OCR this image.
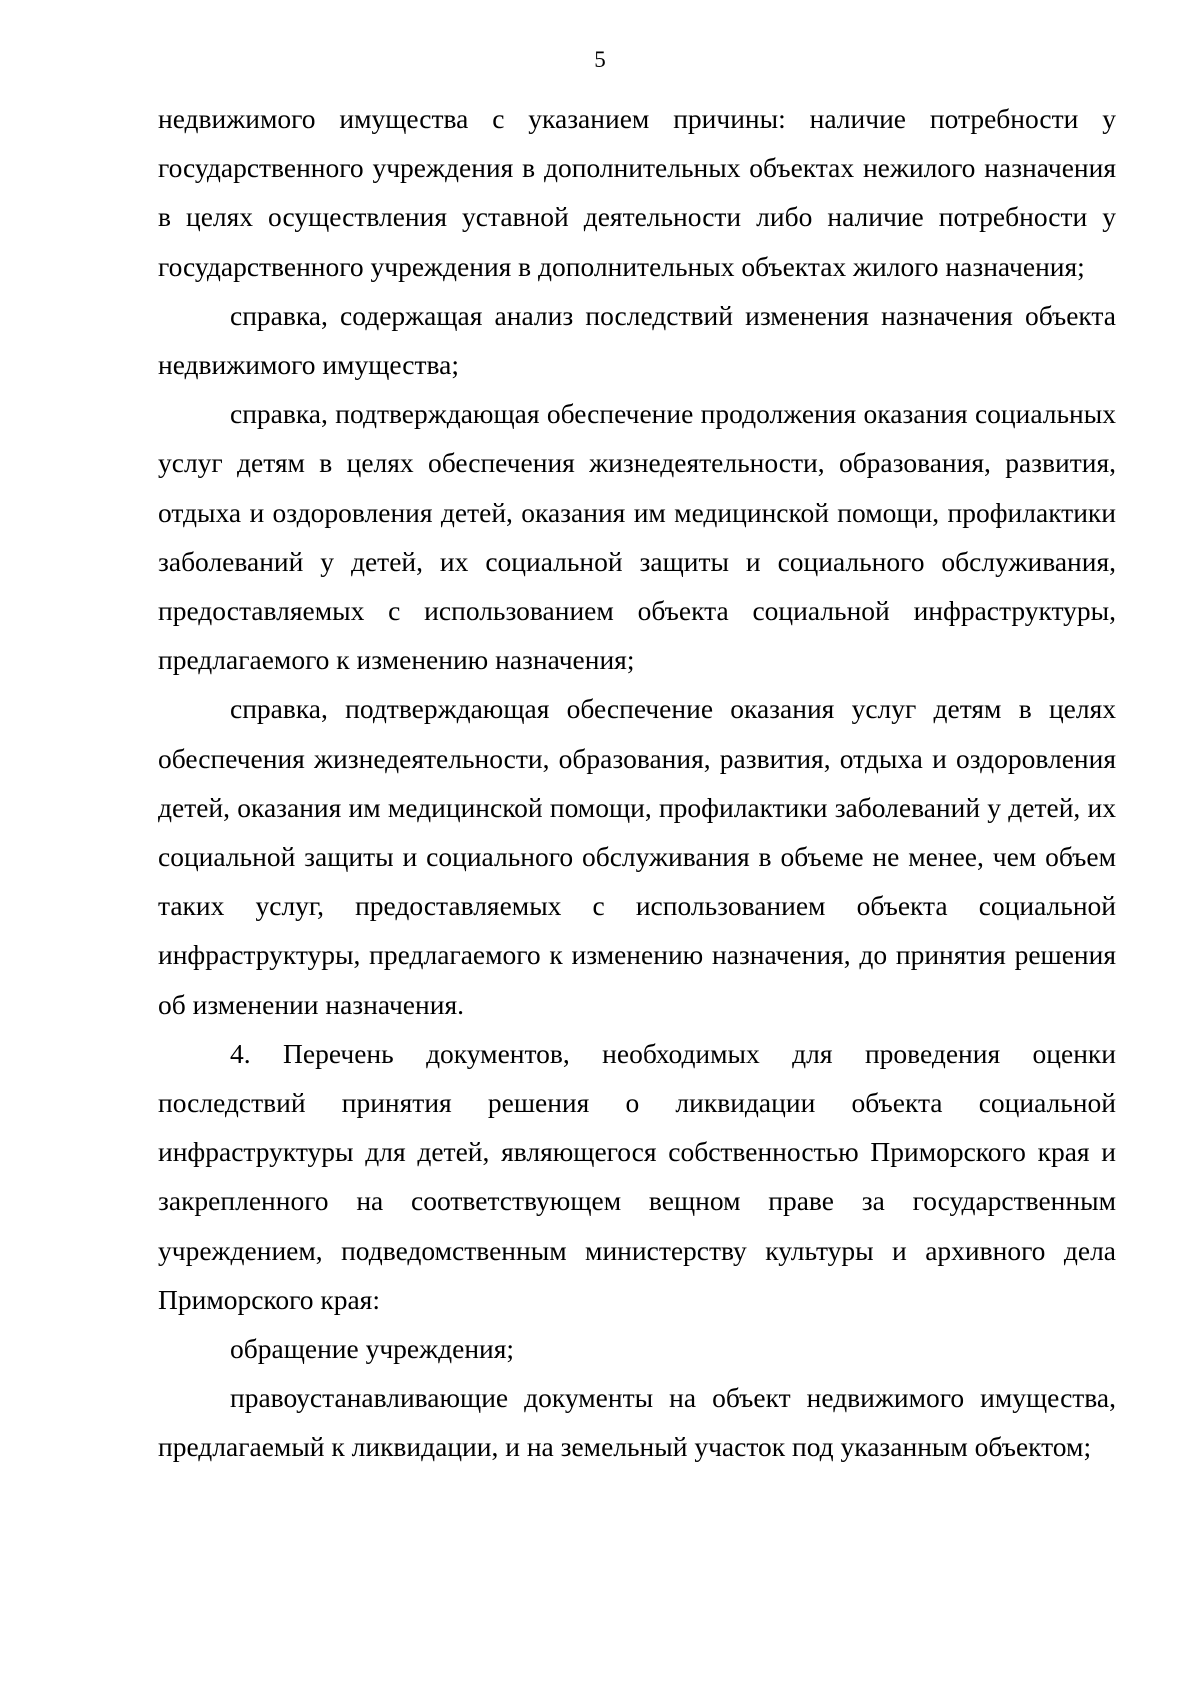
5

недвижимого имущества с указанием причины: наличие потребности у государственного учреждения в дополнительных объектах нежилого назначения в целях осуществления уставной деятельности либо наличие потребности у государственного учреждения в дополнительных объектах жилого назначения;

справка, содержащая анализ последствий изменения назначения объекта недвижимого имущества;

справка, подтверждающая обеспечение продолжения оказания социальных услуг детям в целях обеспечения жизнедеятельности, образования, развития, отдыха и оздоровления детей, оказания им медицинской помощи, профилактики заболеваний у детей, их социальной защиты и социального обслуживания, предоставляемых с использованием объекта социальной инфраструктуры, предлагаемого к изменению назначения;

справка, подтверждающая обеспечение оказания услуг детям в целях обеспечения жизнедеятельности, образования, развития, отдыха и оздоровления детей, оказания им медицинской помощи, профилактики заболеваний у детей, их социальной защиты и социального обслуживания в объеме не менее, чем объем таких услуг, предоставляемых с использованием объекта социальной инфраструктуры, предлагаемого к изменению назначения, до принятия решения об изменении назначения.

4. Перечень документов, необходимых для проведения оценки последствий принятия решения о ликвидации объекта социальной инфраструктуры для детей, являющегося собственностью Приморского края и закрепленного на соответствующем вещном праве за государственным учреждением, подведомственным министерству культуры и архивного дела Приморского края:

обращение учреждения;

правоустанавливающие документы на объект недвижимого имущества, предлагаемый к ликвидации, и на земельный участок под указанным объектом;
